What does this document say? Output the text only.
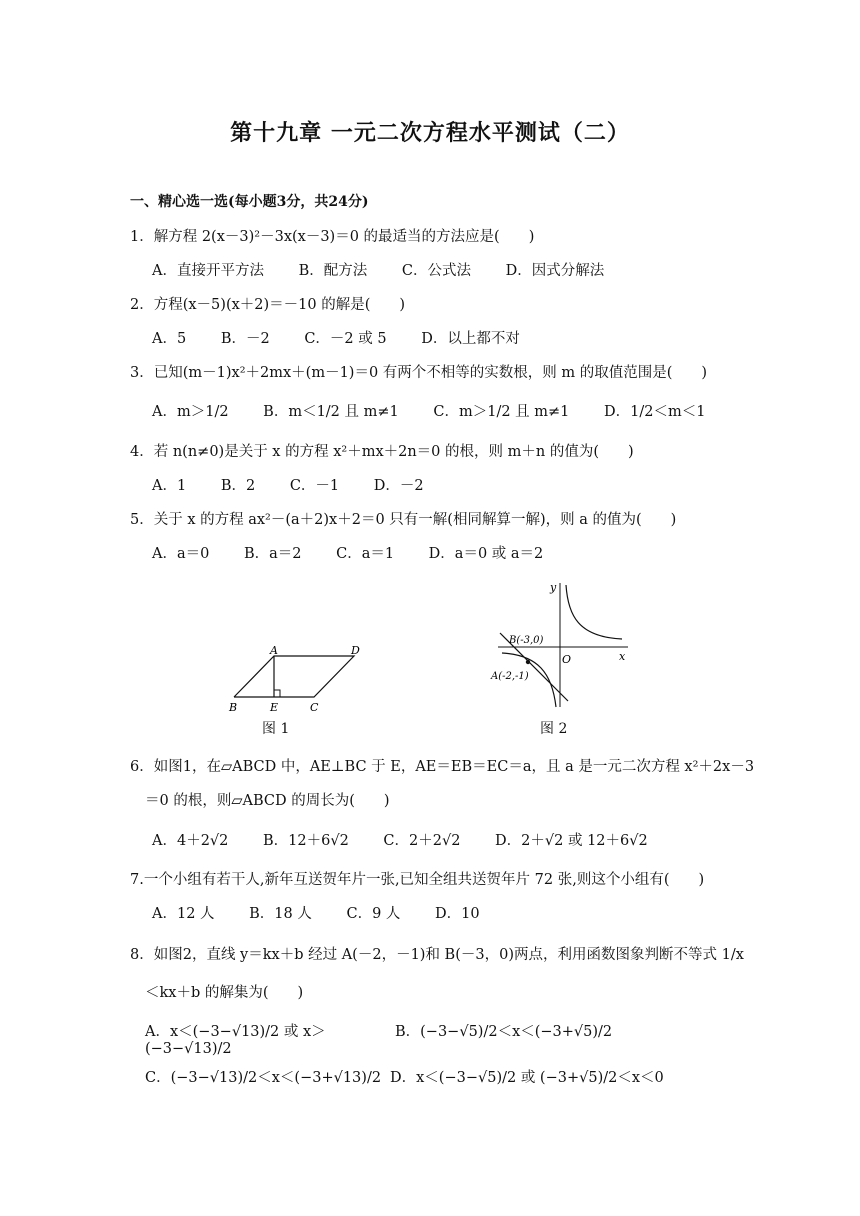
第十九章 一元二次方程水平测试（二）
一、精心选一选(每小题3分，共24分)
1．解方程 2(x－3)²－3x(x－3)＝0 的最适当的方法应是(　　)
A．直接开平方法 B．配方法 C．公式法 D．因式分解法
2．方程(x－5)(x＋2)＝－10 的解是(　　)
A．5 B．－2 C．－2 或 5 D．以上都不对
3．已知(m－1)x²＋2mx＋(m－1)＝0 有两个不相等的实数根，则 m 的取值范围是(　　)
A．m＞1/2 B．m＜1/2 且 m≠1 C．m＞1/2 且 m≠1 D．1/2＜m＜1
4．若 n(n≠0)是关于 x 的方程 x²＋mx＋2n＝0 的根，则 m＋n 的值为(　　)
A．1 B．2 C．－1 D．－2
5．关于 x 的方程 ax²－(a＋2)x＋2＝0 只有一解(相同解算一解)，则 a 的值为(　　)
A．a＝0 B．a＝2 C．a＝1 D．a＝0 或 a＝2
A	D
B	E	C
图 1
y
x
O
B(-3,0)
A(-2,-1)
图 2
6．如图1，在▱ABCD 中，AE⊥BC 于 E，AE＝EB＝EC＝a，且 a 是一元二次方程 x²＋2x－3
＝0 的根，则▱ABCD 的周长为(　　)
A．4＋2√2 B．12＋6√2 C．2＋2√2 D．2＋√2 或 12＋6√2
7.一个小组有若干人,新年互送贺年片一张,已知全组共送贺年片 72 张,则这个小组有(　　)
A．12 人 B．18 人 C．9 人 D．10
8．如图2，直线 y＝kx＋b 经过 A(－2，－1)和 B(－3，0)两点，利用函数图象判断不等式 1/x
＜kx＋b 的解集为(　　)
A．x＜(−3−√13)/2 或 x＞(−3−√13)/2
B．(−3−√5)/2＜x＜(−3+√5)/2
C．(−3−√13)/2＜x＜(−3+√13)/2 D．x＜(−3−√5)/2 或 (−3+√5)/2＜x＜0
